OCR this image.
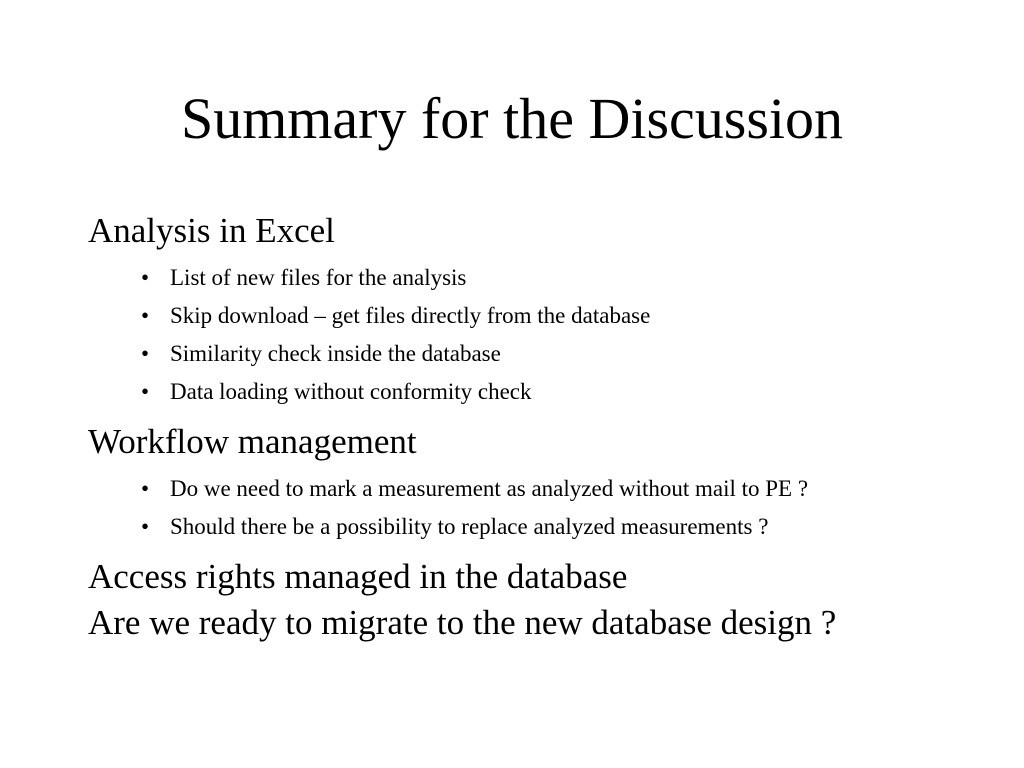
Summary for the Discussion
Analysis in Excel
• List of new files for the analysis
• Skip download – get files directly from the database
• Similarity check inside the database
• Data loading without conformity check
Workflow management
• Do we need to mark a measurement as analyzed without mail to PE ?
• Should there be a possibility to replace analyzed measurements ?
Access rights managed in the database
Are we ready to migrate to the new database design ?
